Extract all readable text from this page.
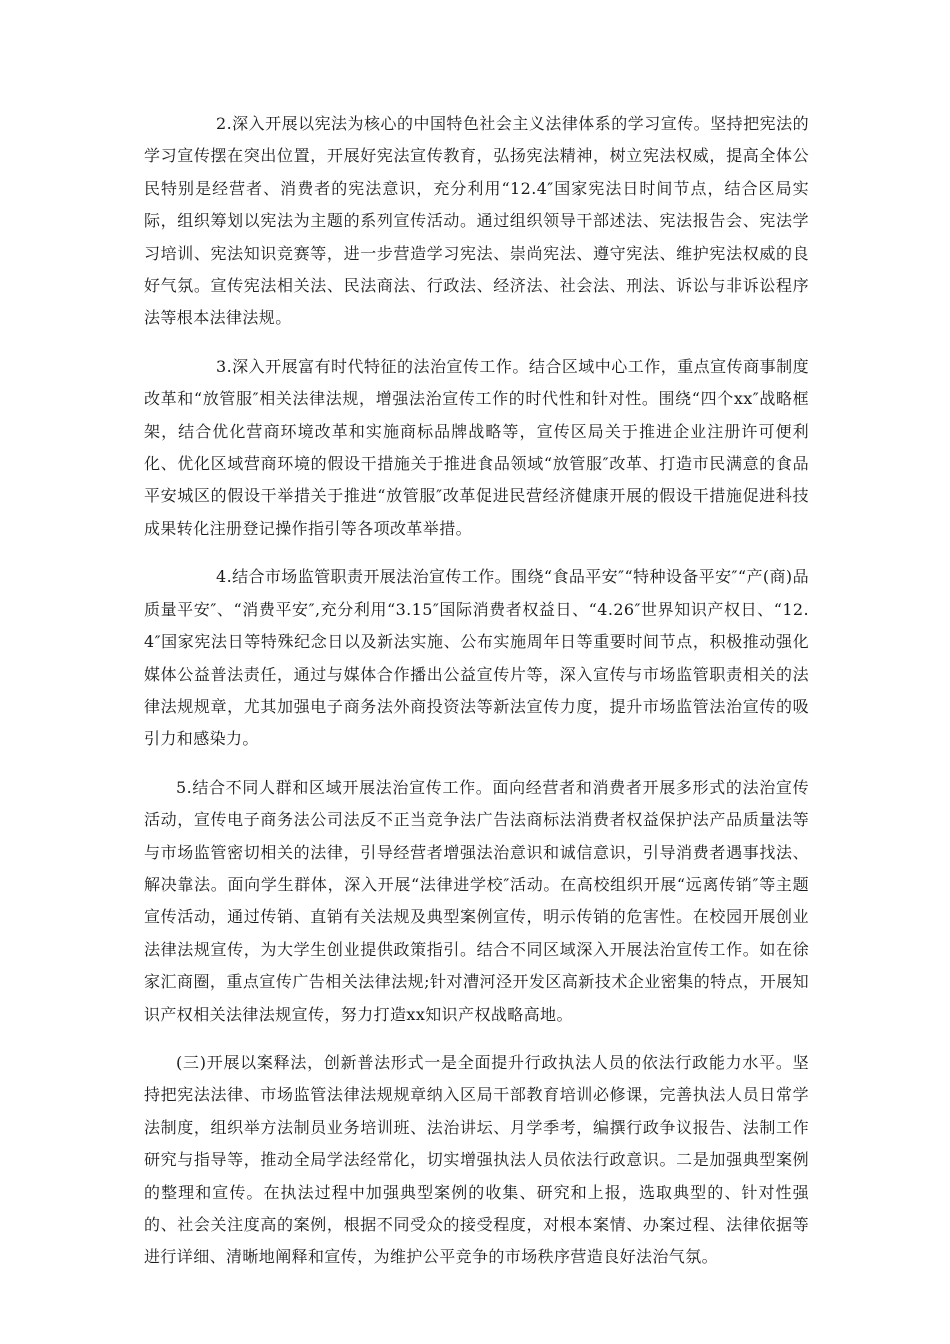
2.深入开展以宪法为核心的中国特色社会主义法律体系的学习宣传。坚持把宪法的学习宣传摆在突出位置，开展好宪法宣传教育，弘扬宪法精神，树立宪法权威，提高全体公民特别是经营者、消费者的宪法意识，充分利用“12.4″国家宪法日时间节点，结合区局实际，组织筹划以宪法为主题的系列宣传活动。通过组织领导干部述法、宪法报告会、宪法学习培训、宪法知识竞赛等，进一步营造学习宪法、崇尚宪法、遵守宪法、维护宪法权威的良好气氛。宣传宪法相关法、民法商法、行政法、经济法、社会法、刑法、诉讼与非诉讼程序法等根本法律法规。

3.深入开展富有时代特征的法治宣传工作。结合区域中心工作，重点宣传商事制度改革和“放管服″相关法律法规，增强法治宣传工作的时代性和针对性。围绕“四个xx″战略框架，结合优化营商环境改革和实施商标品牌战略等，宣传区局关于推进企业注册许可便利化、优化区域营商环境的假设干措施关于推进食品领域“放管服″改革、打造市民满意的食品平安城区的假设干举措关于推进“放管服″改革促进民营经济健康开展的假设干措施促进科技成果转化注册登记操作指引等各项改革举措。

4.结合市场监管职责开展法治宣传工作。围绕“食品平安″“特种设备平安″“产(商)品质量平安″、“消费平安″,充分利用“3.15″国际消费者权益日、“4.26″世界知识产权日、“12.4″国家宪法日等特殊纪念日以及新法实施、公布实施周年日等重要时间节点，积极推动强化媒体公益普法责任，通过与媒体合作播出公益宣传片等，深入宣传与市场监管职责相关的法律法规规章，尤其加强电子商务法外商投资法等新法宣传力度，提升市场监管法治宣传的吸引力和感染力。

5.结合不同人群和区域开展法治宣传工作。面向经营者和消费者开展多形式的法治宣传活动，宣传电子商务法公司法反不正当竞争法广告法商标法消费者权益保护法产品质量法等与市场监管密切相关的法律，引导经营者增强法治意识和诚信意识，引导消费者遇事找法、解决靠法。面向学生群体，深入开展“法律进学校″活动。在高校组织开展“远离传销″等主题宣传活动，通过传销、直销有关法规及典型案例宣传，明示传销的危害性。在校园开展创业法律法规宣传，为大学生创业提供政策指引。结合不同区域深入开展法治宣传工作。如在徐家汇商圈，重点宣传广告相关法律法规;针对漕河泾开发区高新技术企业密集的特点，开展知识产权相关法律法规宣传，努力打造xx知识产权战略高地。

(三)开展以案释法，创新普法形式一是全面提升行政执法人员的依法行政能力水平。坚持把宪法法律、市场监管法律法规规章纳入区局干部教育培训必修课，完善执法人员日常学法制度，组织举方法制员业务培训班、法治讲坛、月学季考，编撰行政争议报告、法制工作研究与指导等，推动全局学法经常化，切实增强执法人员依法行政意识。二是加强典型案例的整理和宣传。在执法过程中加强典型案例的收集、研究和上报，选取典型的、针对性强的、社会关注度高的案例，根据不同受众的接受程度，对根本案情、办案过程、法律依据等进行详细、清晰地阐释和宣传，为维护公平竞争的市场秩序营造良好法治气氛。
